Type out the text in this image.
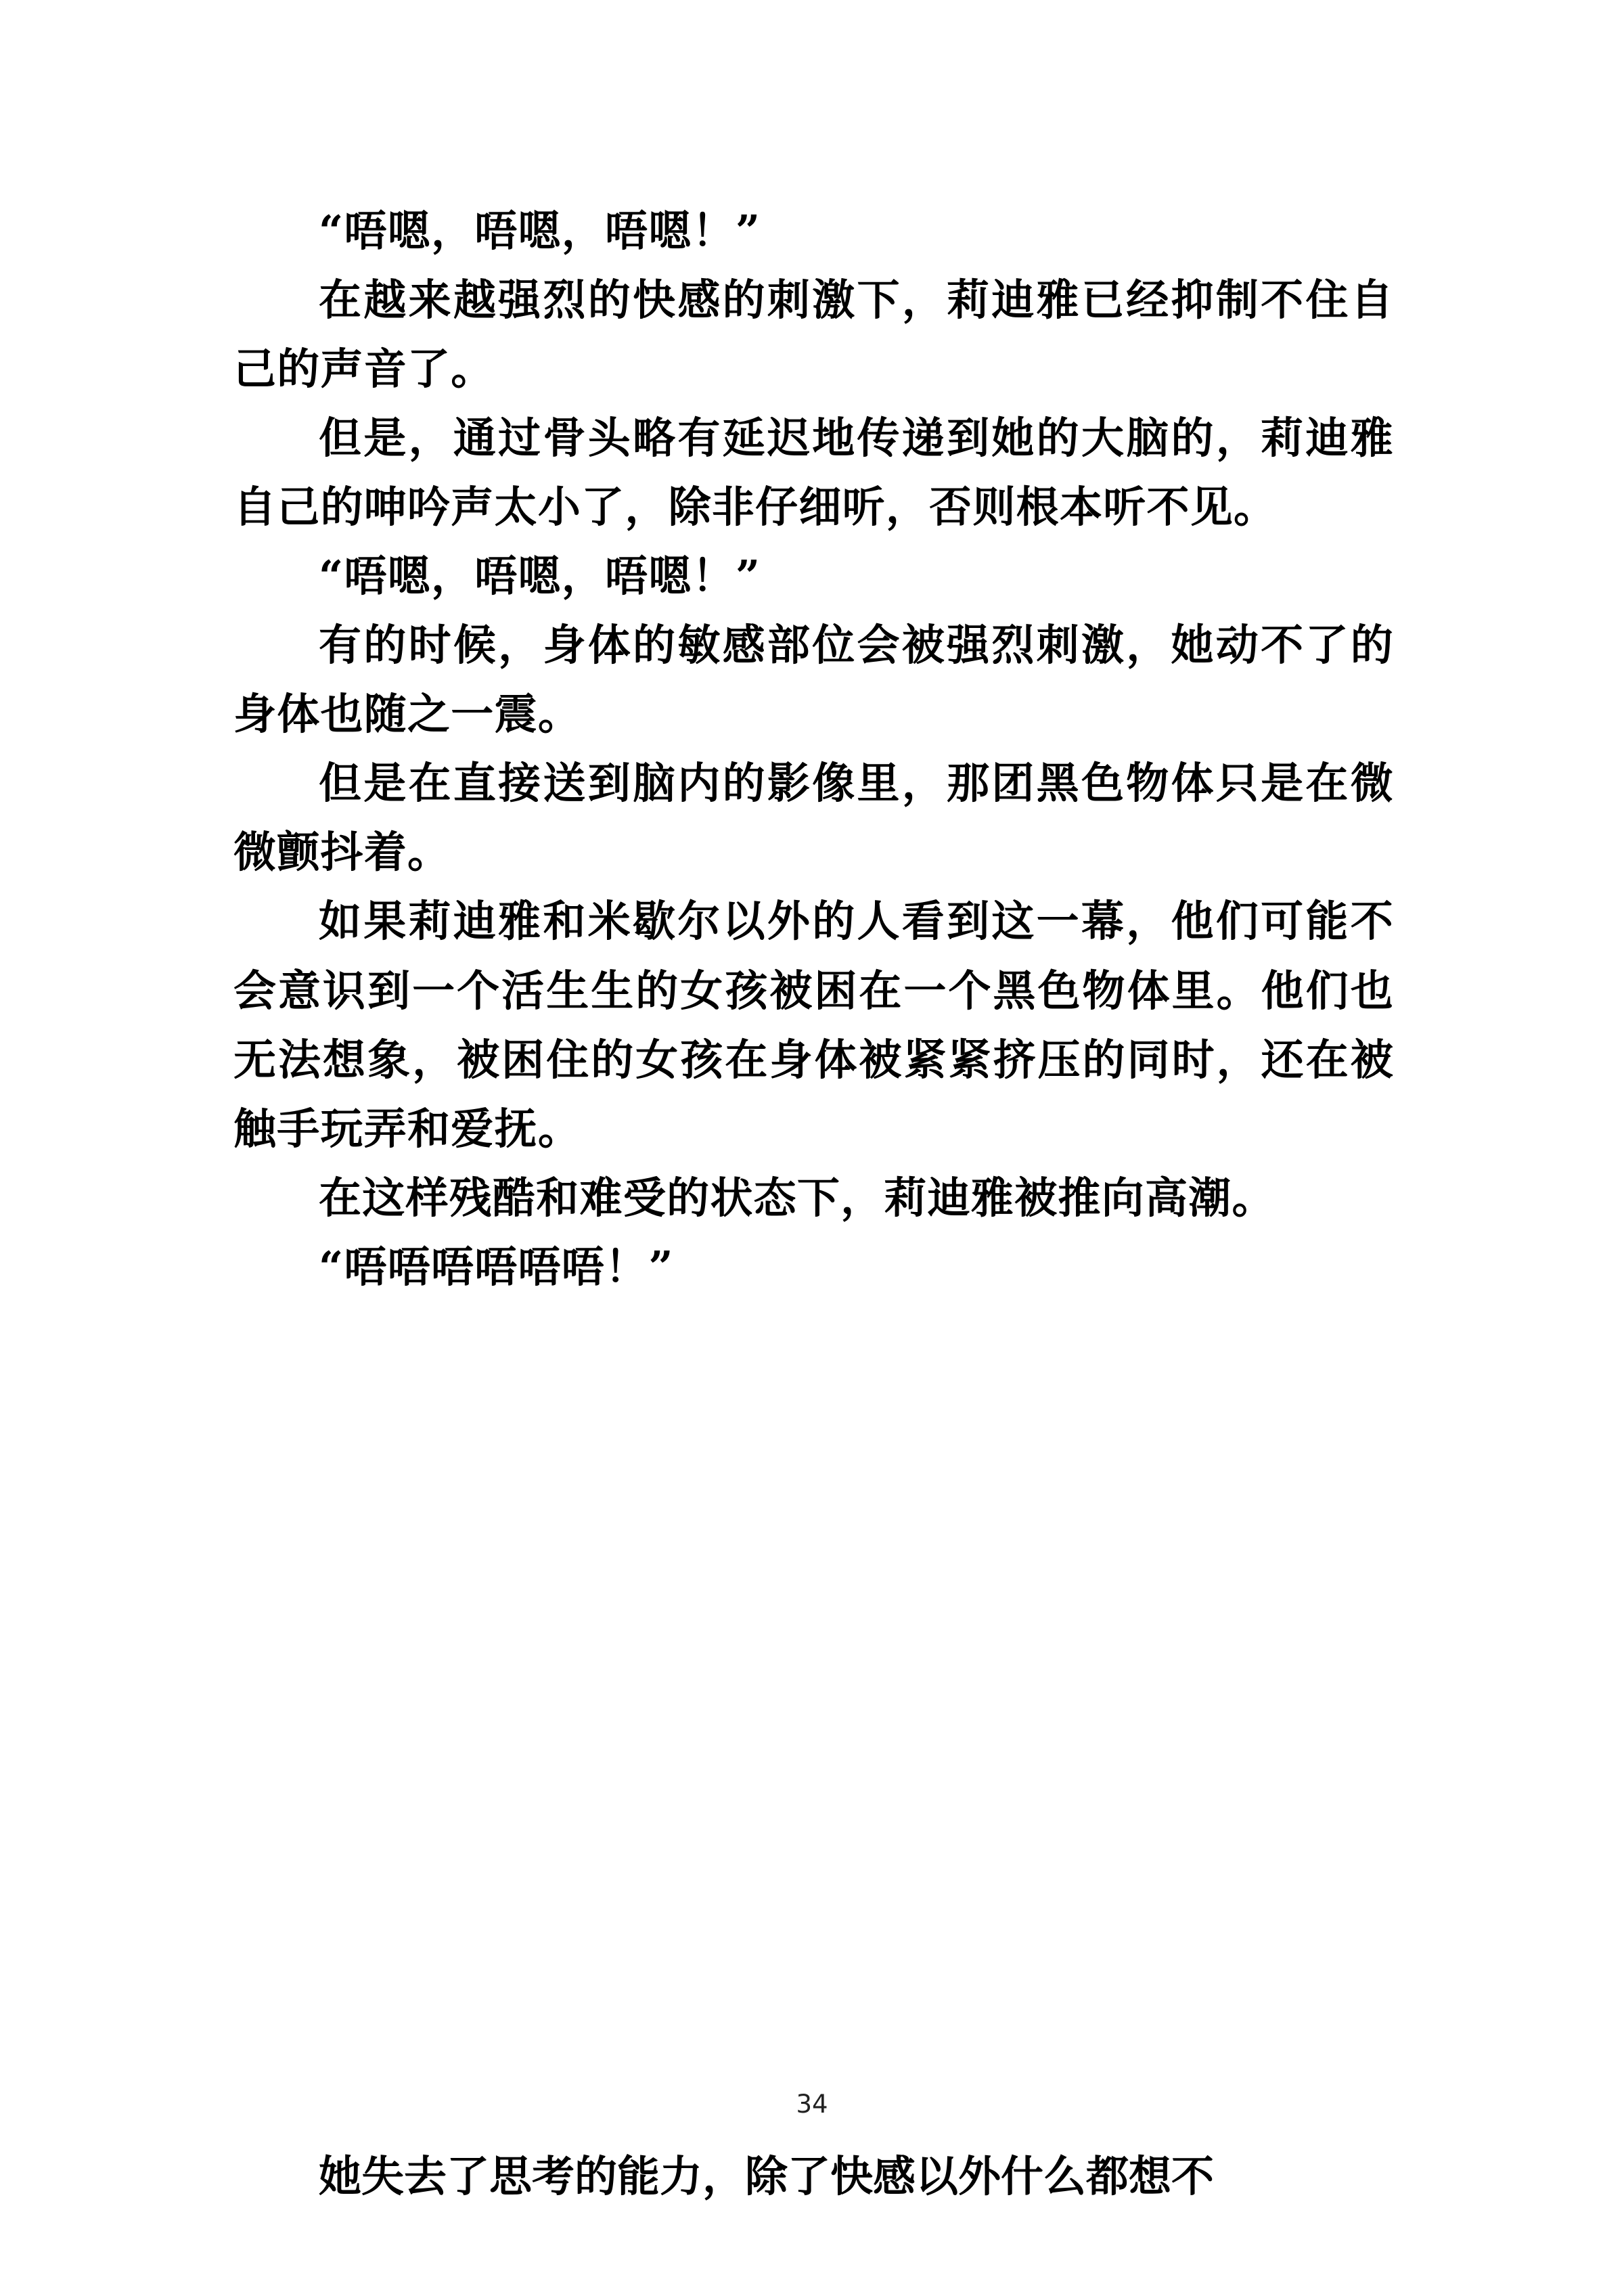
“唔嗯，唔嗯，唔嗯！”

在越来越强烈的快感的刺激下，莉迪雅已经抑制不住自己的声音了。

但是，通过骨头略有延迟地传递到她的大脑的，莉迪雅自己的呻吟声太小了，除非仔细听，否则根本听不见。

“唔嗯，唔嗯，唔嗯！”

有的时候，身体的敏感部位会被强烈刺激，她动不了的身体也随之一震。

但是在直接送到脑内的影像里，那团黑色物体只是在微微颤抖着。

如果莉迪雅和米歇尔以外的人看到这一幕，他们可能不会意识到一个活生生的女孩被困在一个黑色物体里。他们也无法想象，被困住的女孩在身体被紧紧挤压的同时，还在被触手玩弄和爱抚。

在这样残酷和难受的状态下，莉迪雅被推向高潮。

“唔唔唔唔唔唔！”

34
她失去了思考的能力，除了快感以外什么都想不
